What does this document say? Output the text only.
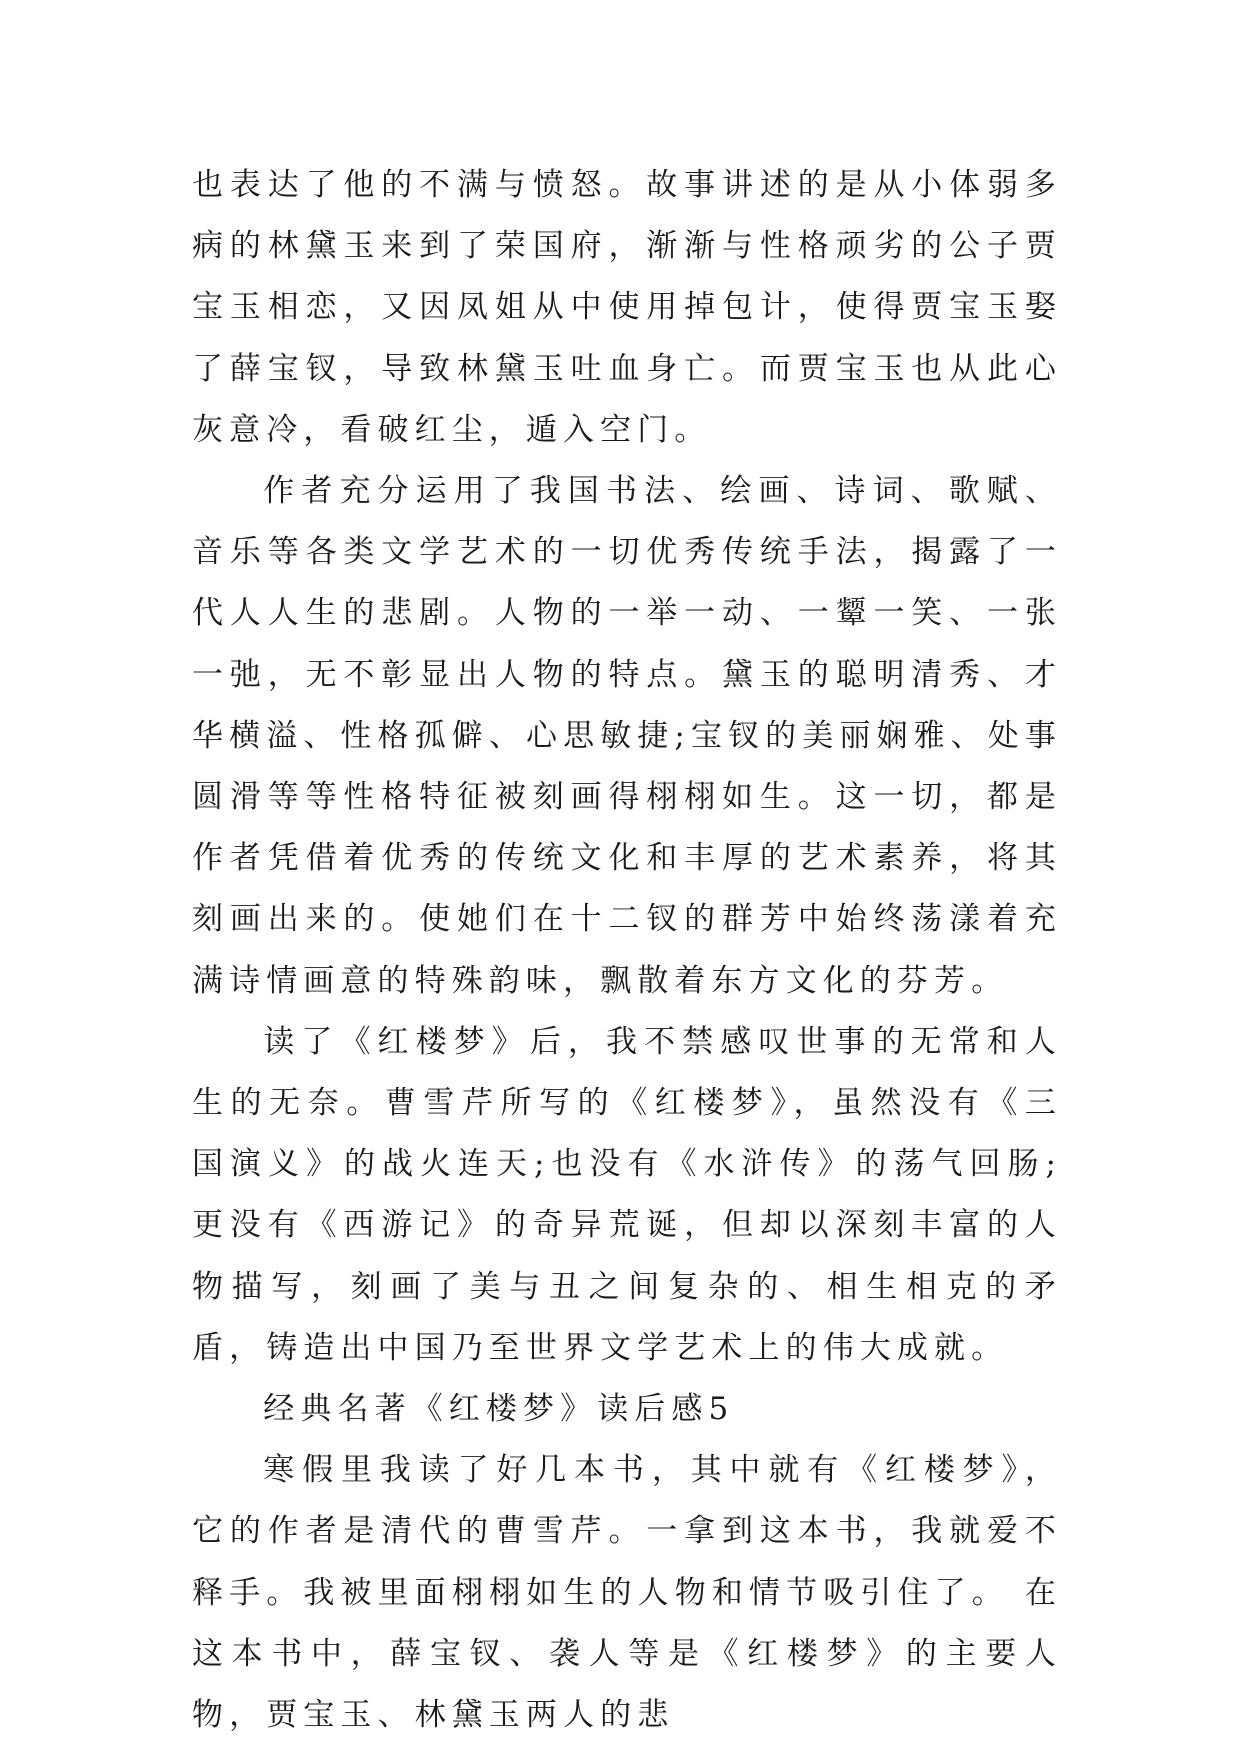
也表达了他的不满与愤怒。故事讲述的是从小体弱多病的林黛玉来到了荣国府，渐渐与性格顽劣的公子贾宝玉相恋，又因凤姐从中使用掉包计，使得贾宝玉娶了薛宝钗，导致林黛玉吐血身亡。而贾宝玉也从此心灰意冷，看破红尘，遁入空门。

作者充分运用了我国书法、绘画、诗词、歌赋、音乐等各类文学艺术的一切优秀传统手法，揭露了一代人人生的悲剧。人物的一举一动、一颦一笑、一张一弛，无不彰显出人物的特点。黛玉的聪明清秀、才华横溢、性格孤僻、心思敏捷;宝钗的美丽娴雅、处事圆滑等等性格特征被刻画得栩栩如生。这一切，都是作者凭借着优秀的传统文化和丰厚的艺术素养，将其刻画出来的。使她们在十二钗的群芳中始终荡漾着充满诗情画意的特殊韵味，飘散着东方文化的芬芳。

读了《红楼梦》后，我不禁感叹世事的无常和人生的无奈。曹雪芹所写的《红楼梦》，虽然没有《三国演义》的战火连天;也没有《水浒传》的荡气回肠;更没有《西游记》的奇异荒诞，但却以深刻丰富的人物描写，刻画了美与丑之间复杂的、相生相克的矛盾，铸造出中国乃至世界文学艺术上的伟大成就。

经典名著《红楼梦》读后感5

寒假里我读了好几本书，其中就有《红楼梦》，它的作者是清代的曹雪芹。一拿到这本书，我就爱不释手。我被里面栩栩如生的人物和情节吸引住了。 在这本书中，薛宝钗、袭人等是《红楼梦》的主要人物，贾宝玉、林黛玉两人的悲
